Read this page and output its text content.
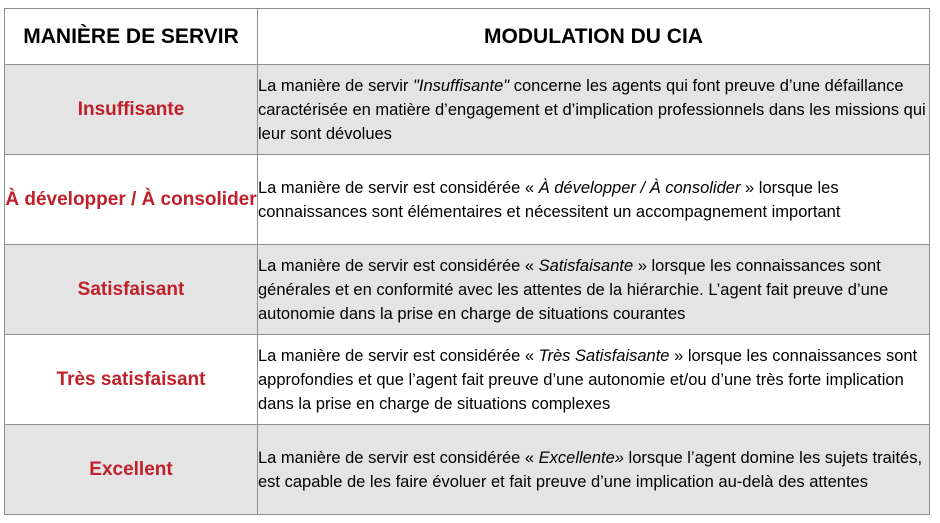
MANIÈRE DE SERVIR	MODULATION DU CIA
Insuffisante	La manière de servir "Insuffisante" concerne les agents qui font preuve d’une défaillance caractérisée en matière d’engagement et d’implication professionnels dans les missions qui leur sont dévolues
À développer / À consolider	La manière de servir est considérée « À développer / À consolider » lorsque les connaissances sont élémentaires et nécessitent un accompagnement important
Satisfaisant	La manière de servir est considérée « Satisfaisante » lorsque les connaissances sont générales et en conformité avec les attentes de la hiérarchie. L’agent fait preuve d’une autonomie dans la prise en charge de situations courantes
Très satisfaisant	La manière de servir est considérée « Très Satisfaisante » lorsque les connaissances sont approfondies et que l’agent fait preuve d’une autonomie et/ou d’une très forte implication dans la prise en charge de situations complexes
Excellent	La manière de servir est considérée « Excellente» lorsque l’agent domine les sujets traités, est capable de les faire évoluer et fait preuve d’une implication au-delà des attentes
